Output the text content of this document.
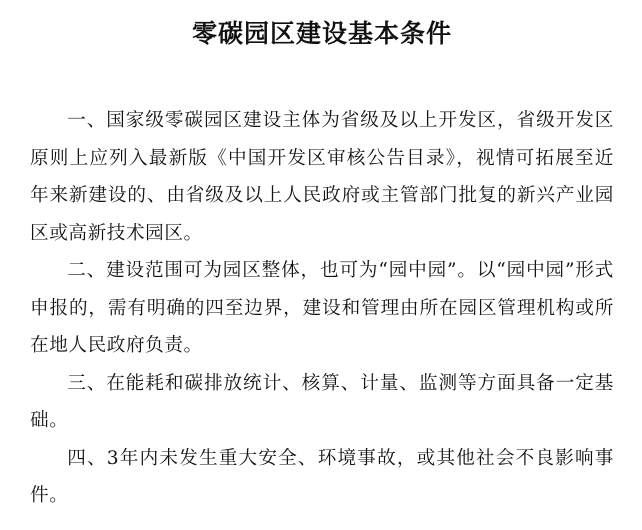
零碳园区建设基本条件

一、国家级零碳园区建设主体为省级及以上开发区，省级开发区原则上应列入最新版《中国开发区审核公告目录》，视情可拓展至近年来新建设的、由省级及以上人民政府或主管部门批复的新兴产业园区或高新技术园区。

二、建设范围可为园区整体，也可为“园中园”。以“园中园”形式申报的，需有明确的四至边界，建设和管理由所在园区管理机构或所在地人民政府负责。

三、在能耗和碳排放统计、核算、计量、监测等方面具备一定基础。

四、3年内未发生重大安全、环境事故，或其他社会不良影响事件。
